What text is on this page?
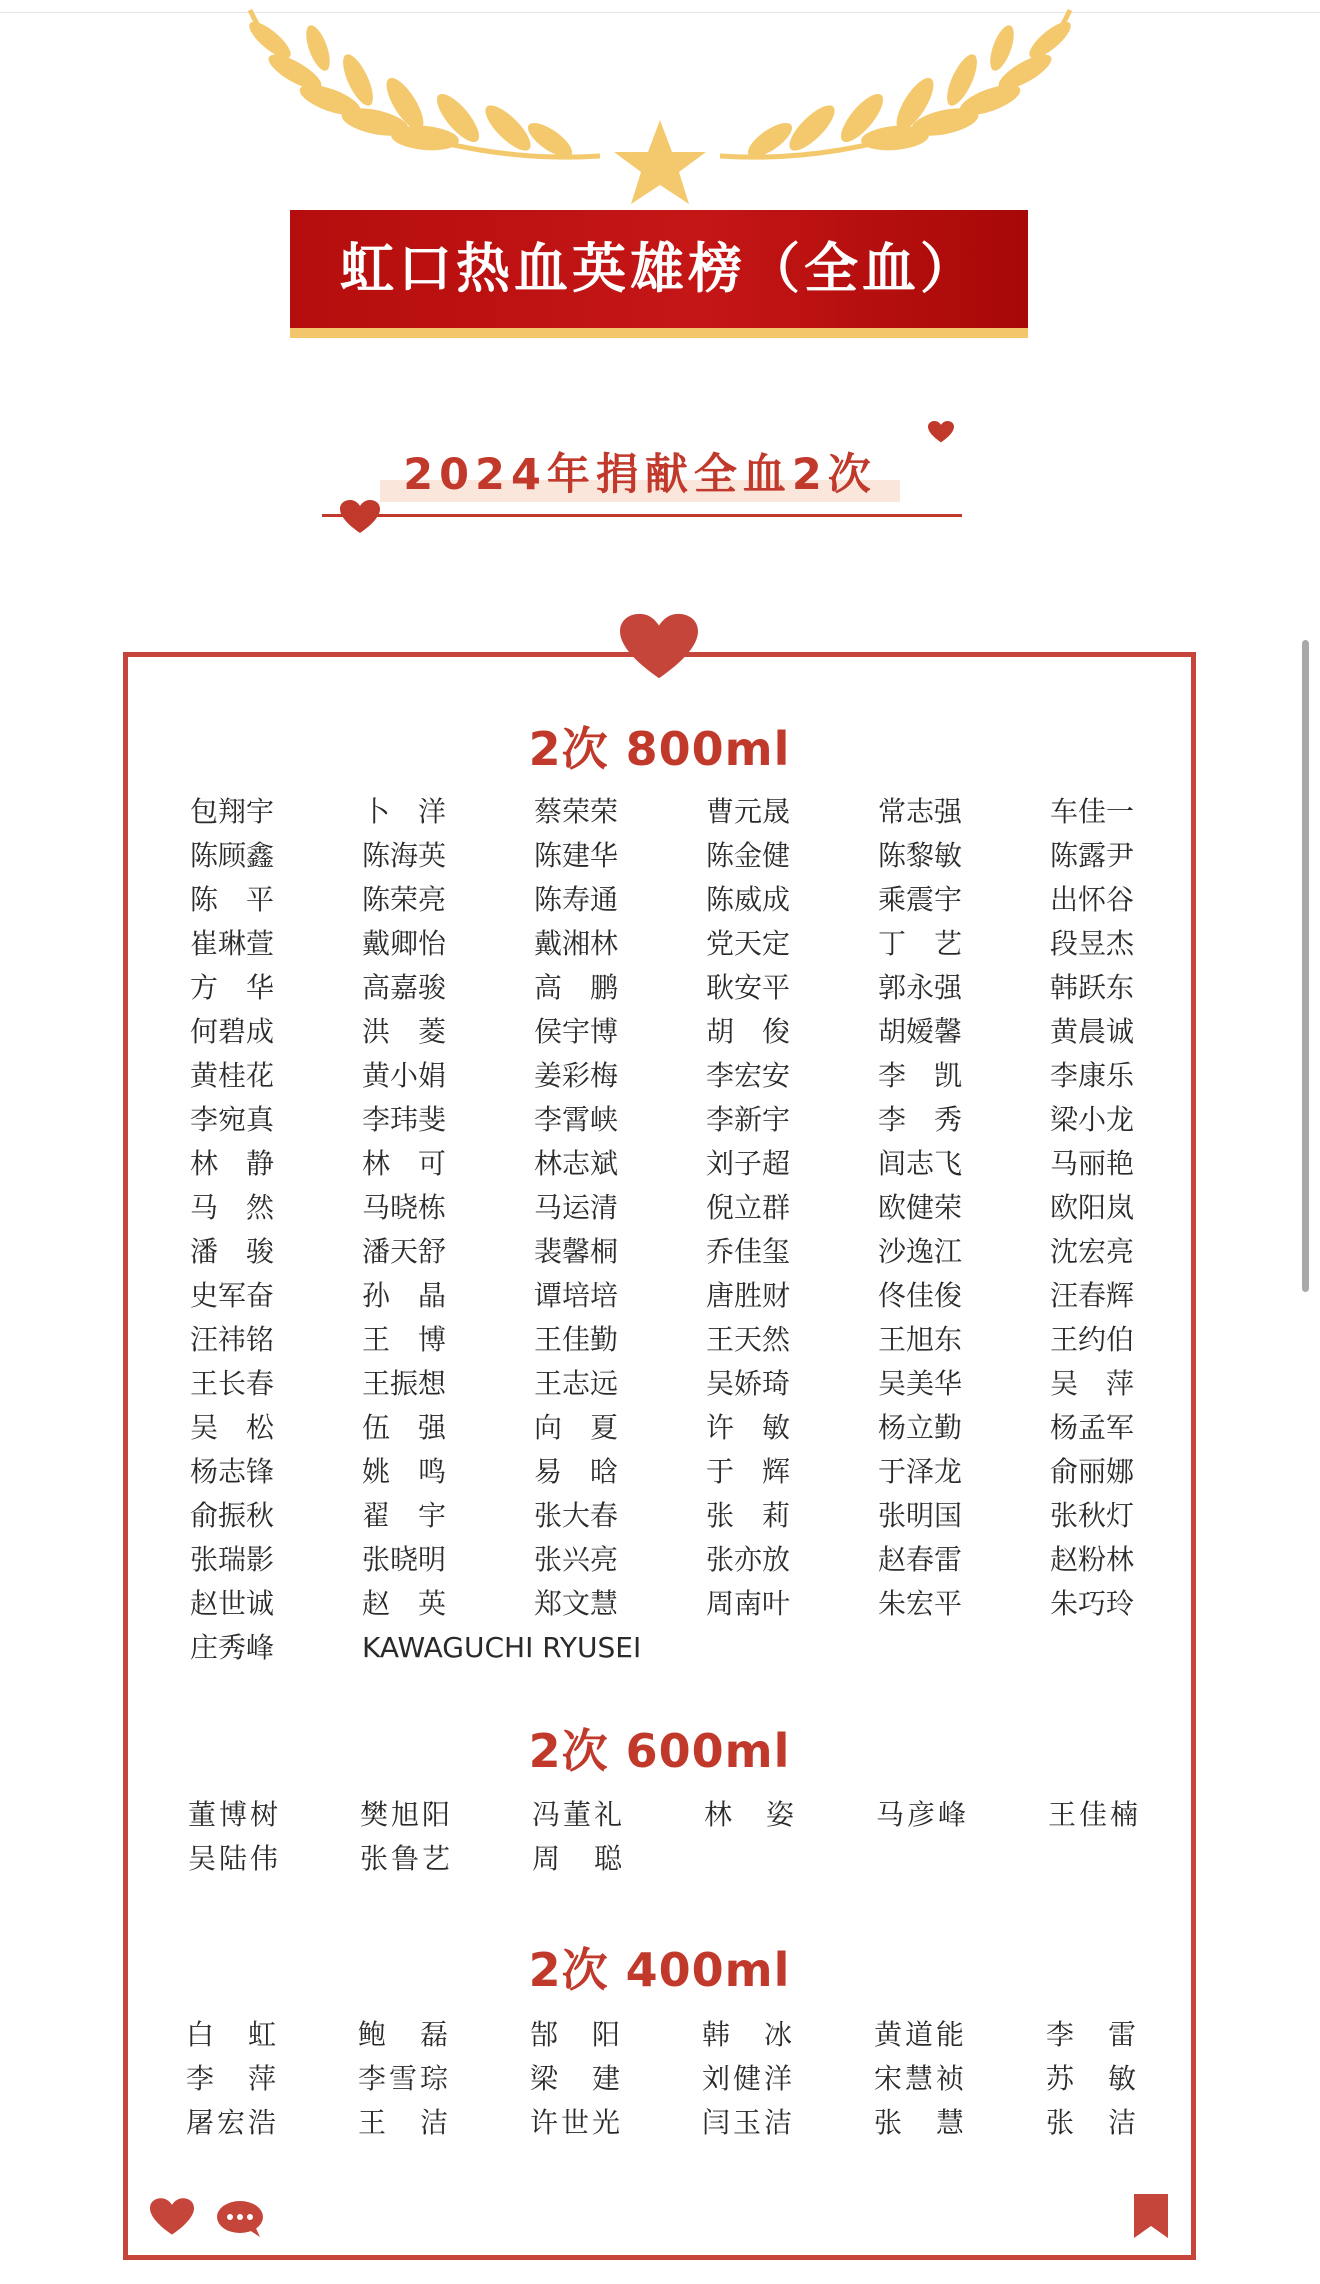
虹口热血英雄榜（全血）
2024年捐献全血2次
2次 800ml
包翔宇	卜　洋	蔡荣荣	曹元晟	常志强	车佳一
陈顾鑫	陈海英	陈建华	陈金健	陈黎敏	陈露尹
陈　平	陈荣亮	陈寿通	陈威成	乘震宇	出怀谷
崔琳萱	戴卿怡	戴湘林	党天定	丁　艺	段昱杰
方　华	高嘉骏	高　鹏	耿安平	郭永强	韩跃东
何碧成	洪　菱	侯宇博	胡　俊	胡嫒馨	黄晨诚
黄桂花	黄小娟	姜彩梅	李宏安	李　凯	李康乐
李宛真	李玮斐	李霄峡	李新宇	李　秀	梁小龙
林　静	林　可	林志斌	刘子超	闾志飞	马丽艳
马　然	马晓栋	马运清	倪立群	欧健荣	欧阳岚
潘　骏	潘天舒	裴馨桐	乔佳玺	沙逸江	沈宏亮
史军奋	孙　晶	谭培培	唐胜财	佟佳俊	汪春辉
汪祎铭	王　博	王佳勤	王天然	王旭东	王约伯
王长春	王振想	王志远	吴娇琦	吴美华	吴　萍
吴　松	伍　强	向　夏	许　敏	杨立勤	杨孟军
杨志锋	姚　鸣	易　晗	于　辉	于泽龙	俞丽娜
俞振秋	翟　宇	张大春	张　莉	张明国	张秋灯
张瑞影	张晓明	张兴亮	张亦放	赵春雷	赵粉林
赵世诚	赵　英	郑文慧	周南叶	朱宏平	朱巧玲
庄秀峰	KAWAGUCHI RYUSEI
2次 600ml
董博树	樊旭阳	冯董礼	林　姿	马彦峰	王佳楠
吴陆伟	张鲁艺	周　聪
2次 400ml
白　虹	鲍　磊	郜　阳	韩　冰	黄道能	李　雷
李　萍	李雪琮	梁　建	刘健洋	宋慧祯	苏　敏
屠宏浩	王　洁	许世光	闫玉洁	张　慧	张　洁
